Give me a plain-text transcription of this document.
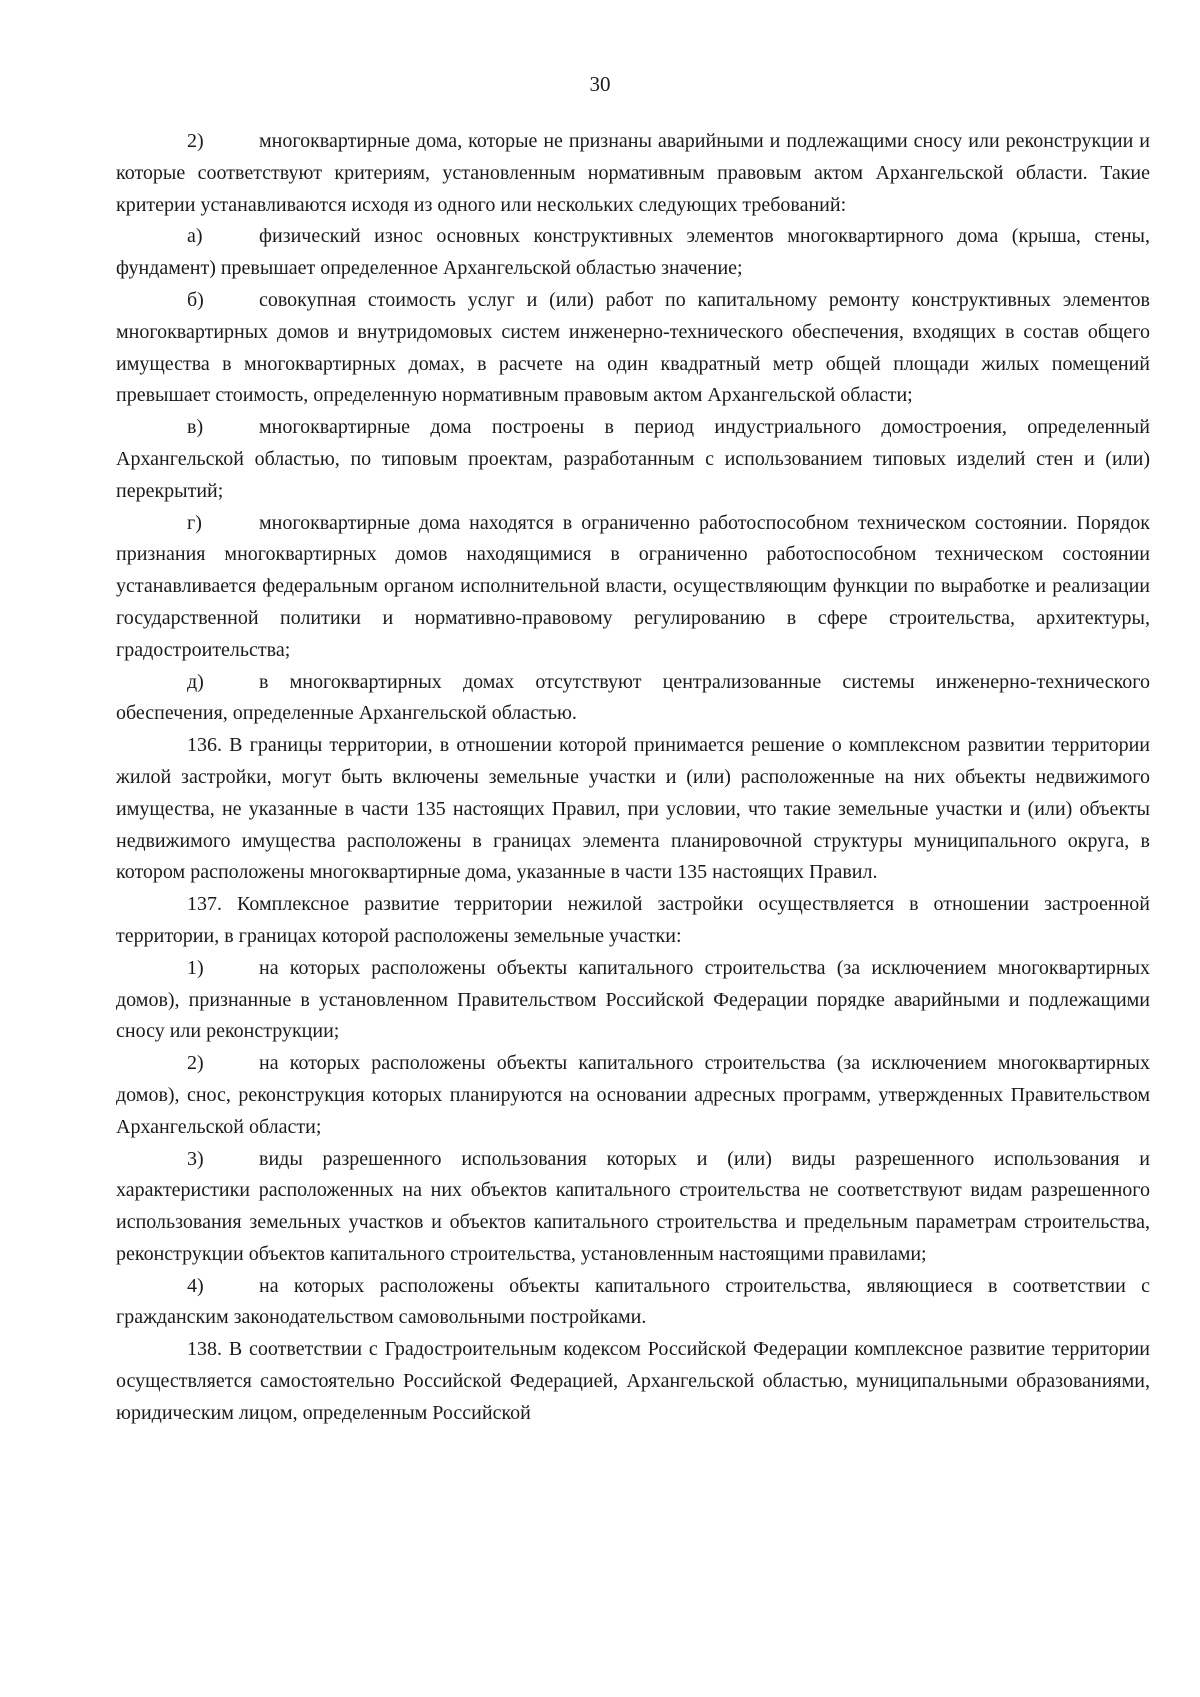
30

2)	многоквартирные дома, которые не признаны аварийными и подлежащими сносу или реконструкции и которые соответствуют критериям, установленным нормативным правовым актом Архангельской области. Такие критерии устанавливаются исходя из одного или нескольких следующих требований:

а)	физический износ основных конструктивных элементов многоквартирного дома (крыша, стены, фундамент) превышает определенное Архангельской областью значение;

б)	совокупная стоимость услуг и (или) работ по капитальному ремонту конструктивных элементов многоквартирных домов и внутридомовых систем инженерно-технического обеспечения, входящих в состав общего имущества в многоквартирных домах, в расчете на один квадратный метр общей площади жилых помещений превышает стоимость, определенную нормативным правовым актом Архангельской области;

в)	многоквартирные дома построены в период индустриального домостроения, определенный Архангельской областью, по типовым проектам, разработанным с использованием типовых изделий стен и (или) перекрытий;

г)	многоквартирные дома находятся в ограниченно работоспособном техническом состоянии. Порядок признания многоквартирных домов находящимися в ограниченно работоспособном техническом состоянии устанавливается федеральным органом исполнительной власти, осуществляющим функции по выработке и реализации государственной политики и нормативно-правовому регулированию в сфере строительства, архитектуры, градостроительства;

д)	в многоквартирных домах отсутствуют централизованные системы инженерно-технического обеспечения, определенные Архангельской областью.

136. В границы территории, в отношении которой принимается решение о комплексном развитии территории жилой застройки, могут быть включены земельные участки и (или) расположенные на них объекты недвижимого имущества, не указанные в части 135 настоящих Правил, при условии, что такие земельные участки и (или) объекты недвижимого имущества расположены в границах элемента планировочной структуры муниципального округа, в котором расположены многоквартирные дома, указанные в части 135 настоящих Правил.

137. Комплексное развитие территории нежилой застройки осуществляется в отношении застроенной территории, в границах которой расположены земельные участки:

1)	на которых расположены объекты капитального строительства (за исключением многоквартирных домов), признанные в установленном Правительством Российской Федерации порядке аварийными и подлежащими сносу или реконструкции;

2)	на которых расположены объекты капитального строительства (за исключением многоквартирных домов), снос, реконструкция которых планируются на основании адресных программ, утвержденных Правительством Архангельской области;

3)	виды разрешенного использования которых и (или) виды разрешенного использования и характеристики расположенных на них объектов капитального строительства не соответствуют видам разрешенного использования земельных участков и объектов капитального строительства и предельным параметрам строительства, реконструкции объектов капитального строительства, установленным настоящими правилами;

4)	на которых расположены объекты капитального строительства, являющиеся в соответствии с гражданским законодательством самовольными постройками.

138. В соответствии с Градостроительным кодексом Российской Федерации комплексное развитие территории осуществляется самостоятельно Российской Федерацией, Архангельской областью, муниципальными образованиями, юридическим лицом, определенным Российской
